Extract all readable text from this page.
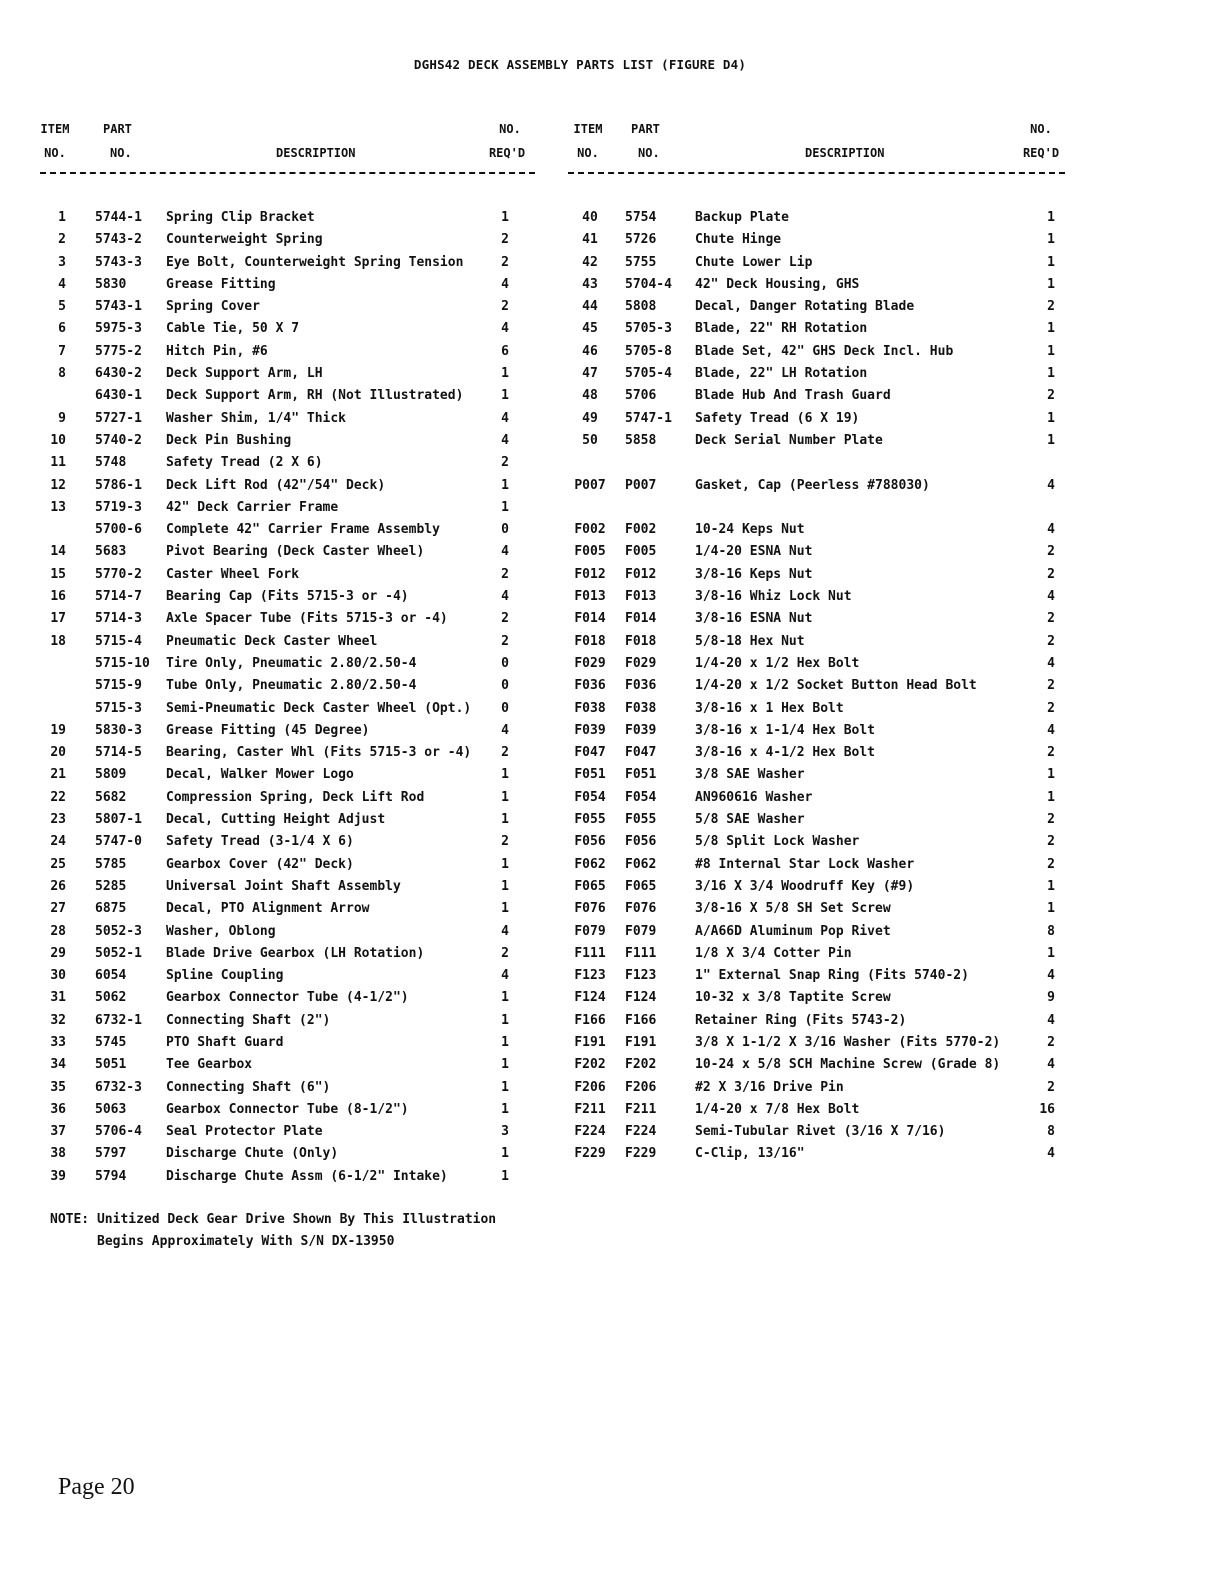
DGHS42 DECK ASSEMBLY PARTS LIST (FIGURE D4)
ITEM
NO.
PART
NO.	DESCRIPTION
NO.
REQ'D
1 5744-1 Spring Clip Bracket	1
2 5743-2 Counterweight Spring	2
3 5743-3 Eye Bolt, Counterweight Spring Tension	2
4 5830	Grease Fitting	4
5 5743-1 Spring Cover	2
6 5975-3 Cable Tie, 50 X 7	4
7 5775-2 Hitch Pin, #6	6
8 6430-2 Deck Support Arm, LH	1
6430-1 Deck Support Arm, RH (Not Illustrated)	1
9 5727-1 Washer Shim, 1/4" Thick	4
10 5740-2 Deck Pin Bushing	4
11 5748	Safety Tread (2 X 6)	2
12 5786-1 Deck Lift Rod (42"/54" Deck)	1
13 5719-3 42" Deck Carrier Frame	1
5700-6 Complete 42" Carrier Frame Assembly	0
14 5683	Pivot Bearing (Deck Caster Wheel)	4
15 5770-2 Caster Wheel Fork	2
16 5714-7 Bearing Cap (Fits 5715-3 or -4)	4
17 5714-3 Axle Spacer Tube (Fits 5715-3 or -4)	2
18 5715-4 Pneumatic Deck Caster Wheel	2
5715-10 Tire Only, Pneumatic 2.80/2.50-4	0
5715-9 Tube Only, Pneumatic 2.80/2.50-4	0
5715-3 Semi-Pneumatic Deck Caster Wheel (Opt.)	0
19 5830-3 Grease Fitting (45 Degree)	4
20 5714-5 Bearing, Caster Whl (Fits 5715-3 or -4)	2
21 5809	Decal, Walker Mower Logo	1
22 5682	Compression Spring, Deck Lift Rod	1
23 5807-1 Decal, Cutting Height Adjust	1
24 5747-0 Safety Tread (3-1/4 X 6)	2
25 5785	Gearbox Cover (42" Deck)	1
26 5285	Universal Joint Shaft Assembly	1
27 6875	Decal, PTO Alignment Arrow	1
28 5052-3 Washer, Oblong	4
29 5052-1 Blade Drive Gearbox (LH Rotation)	2
30 6054	Spline Coupling	4
31 5062	Gearbox Connector Tube (4-1/2")	1
32 6732-1 Connecting Shaft (2")	1
33 5745	PTO Shaft Guard	1
34 5051	Tee Gearbox	1
35 6732-3 Connecting Shaft (6")	1
36 5063	Gearbox Connector Tube (8-1/2")	1
37 5706-4 Seal Protector Plate	3
38 5797	Discharge Chute (Only)	1
39 5794	Discharge Chute Assm (6-1/2" Intake)	1
ITEM
NO.
PART
NO.	DESCRIPTION
NO.
REQ'D
40	5754	Backup Plate	1
41	5726	Chute Hinge	1
42	5755	Chute Lower Lip	1
43	5704-4 42" Deck Housing, GHS	1
44	5808	Decal, Danger Rotating Blade	2
45	5705-3 Blade, 22" RH Rotation	1
46	5705-8 Blade Set, 42" GHS Deck Incl. Hub	1
47	5705-4 Blade, 22" LH Rotation	1
48	5706	Blade Hub And Trash Guard	2
49	5747-1 Safety Tread (6 X 19)	1
50	5858	Deck Serial Number Plate	1
P007	P007	Gasket, Cap (Peerless #788030)	4
F002	F002	10-24 Keps Nut	4
F005	F005	1/4-20 ESNA Nut	2
F012	F012	3/8-16 Keps Nut	2
F013	F013	3/8-16 Whiz Lock Nut	4
F014	F014	3/8-16 ESNA Nut	2
F018	F018	5/8-18 Hex Nut	2
F029	F029	1/4-20 x 1/2 Hex Bolt	4
F036	F036	1/4-20 x 1/2 Socket Button Head Bolt	2
F038	F038	3/8-16 x 1 Hex Bolt	2
F039	F039	3/8-16 x 1-1/4 Hex Bolt	4
F047	F047	3/8-16 x 4-1/2 Hex Bolt	2
F051	F051	3/8 SAE Washer	1
F054	F054	AN960616 Washer	1
F055	F055	5/8 SAE Washer	2
F056	F056	5/8 Split Lock Washer	2
F062	F062	#8 Internal Star Lock Washer	2
F065	F065	3/16 X 3/4 Woodruff Key (#9)	1
F076	F076	3/8-16 X 5/8 SH Set Screw	1
F079	F079	A/A66D Aluminum Pop Rivet	8
F111	F111	1/8 X 3/4 Cotter Pin	1
F123	F123	1" External Snap Ring (Fits 5740-2)	4
F124	F124	10-32 x 3/8 Taptite Screw	9
F166	F166	Retainer Ring (Fits 5743-2)	4
F191	F191	3/8 X 1-1/2 X 3/16 Washer (Fits 5770-2)	2
F202	F202	10-24 x 5/8 SCH Machine Screw (Grade 8)	4
F206	F206	#2 X 3/16 Drive Pin	2
F211	F211	1/4-20 x 7/8 Hex Bolt	16
F224	F224	Semi-Tubular Rivet (3/16 X 7/16)	8
F229	F229	C-Clip, 13/16"	4
NOTE: Unitized Deck Gear Drive Shown By This Illustration
Begins Approximately With S/N DX-13950
Page 20
